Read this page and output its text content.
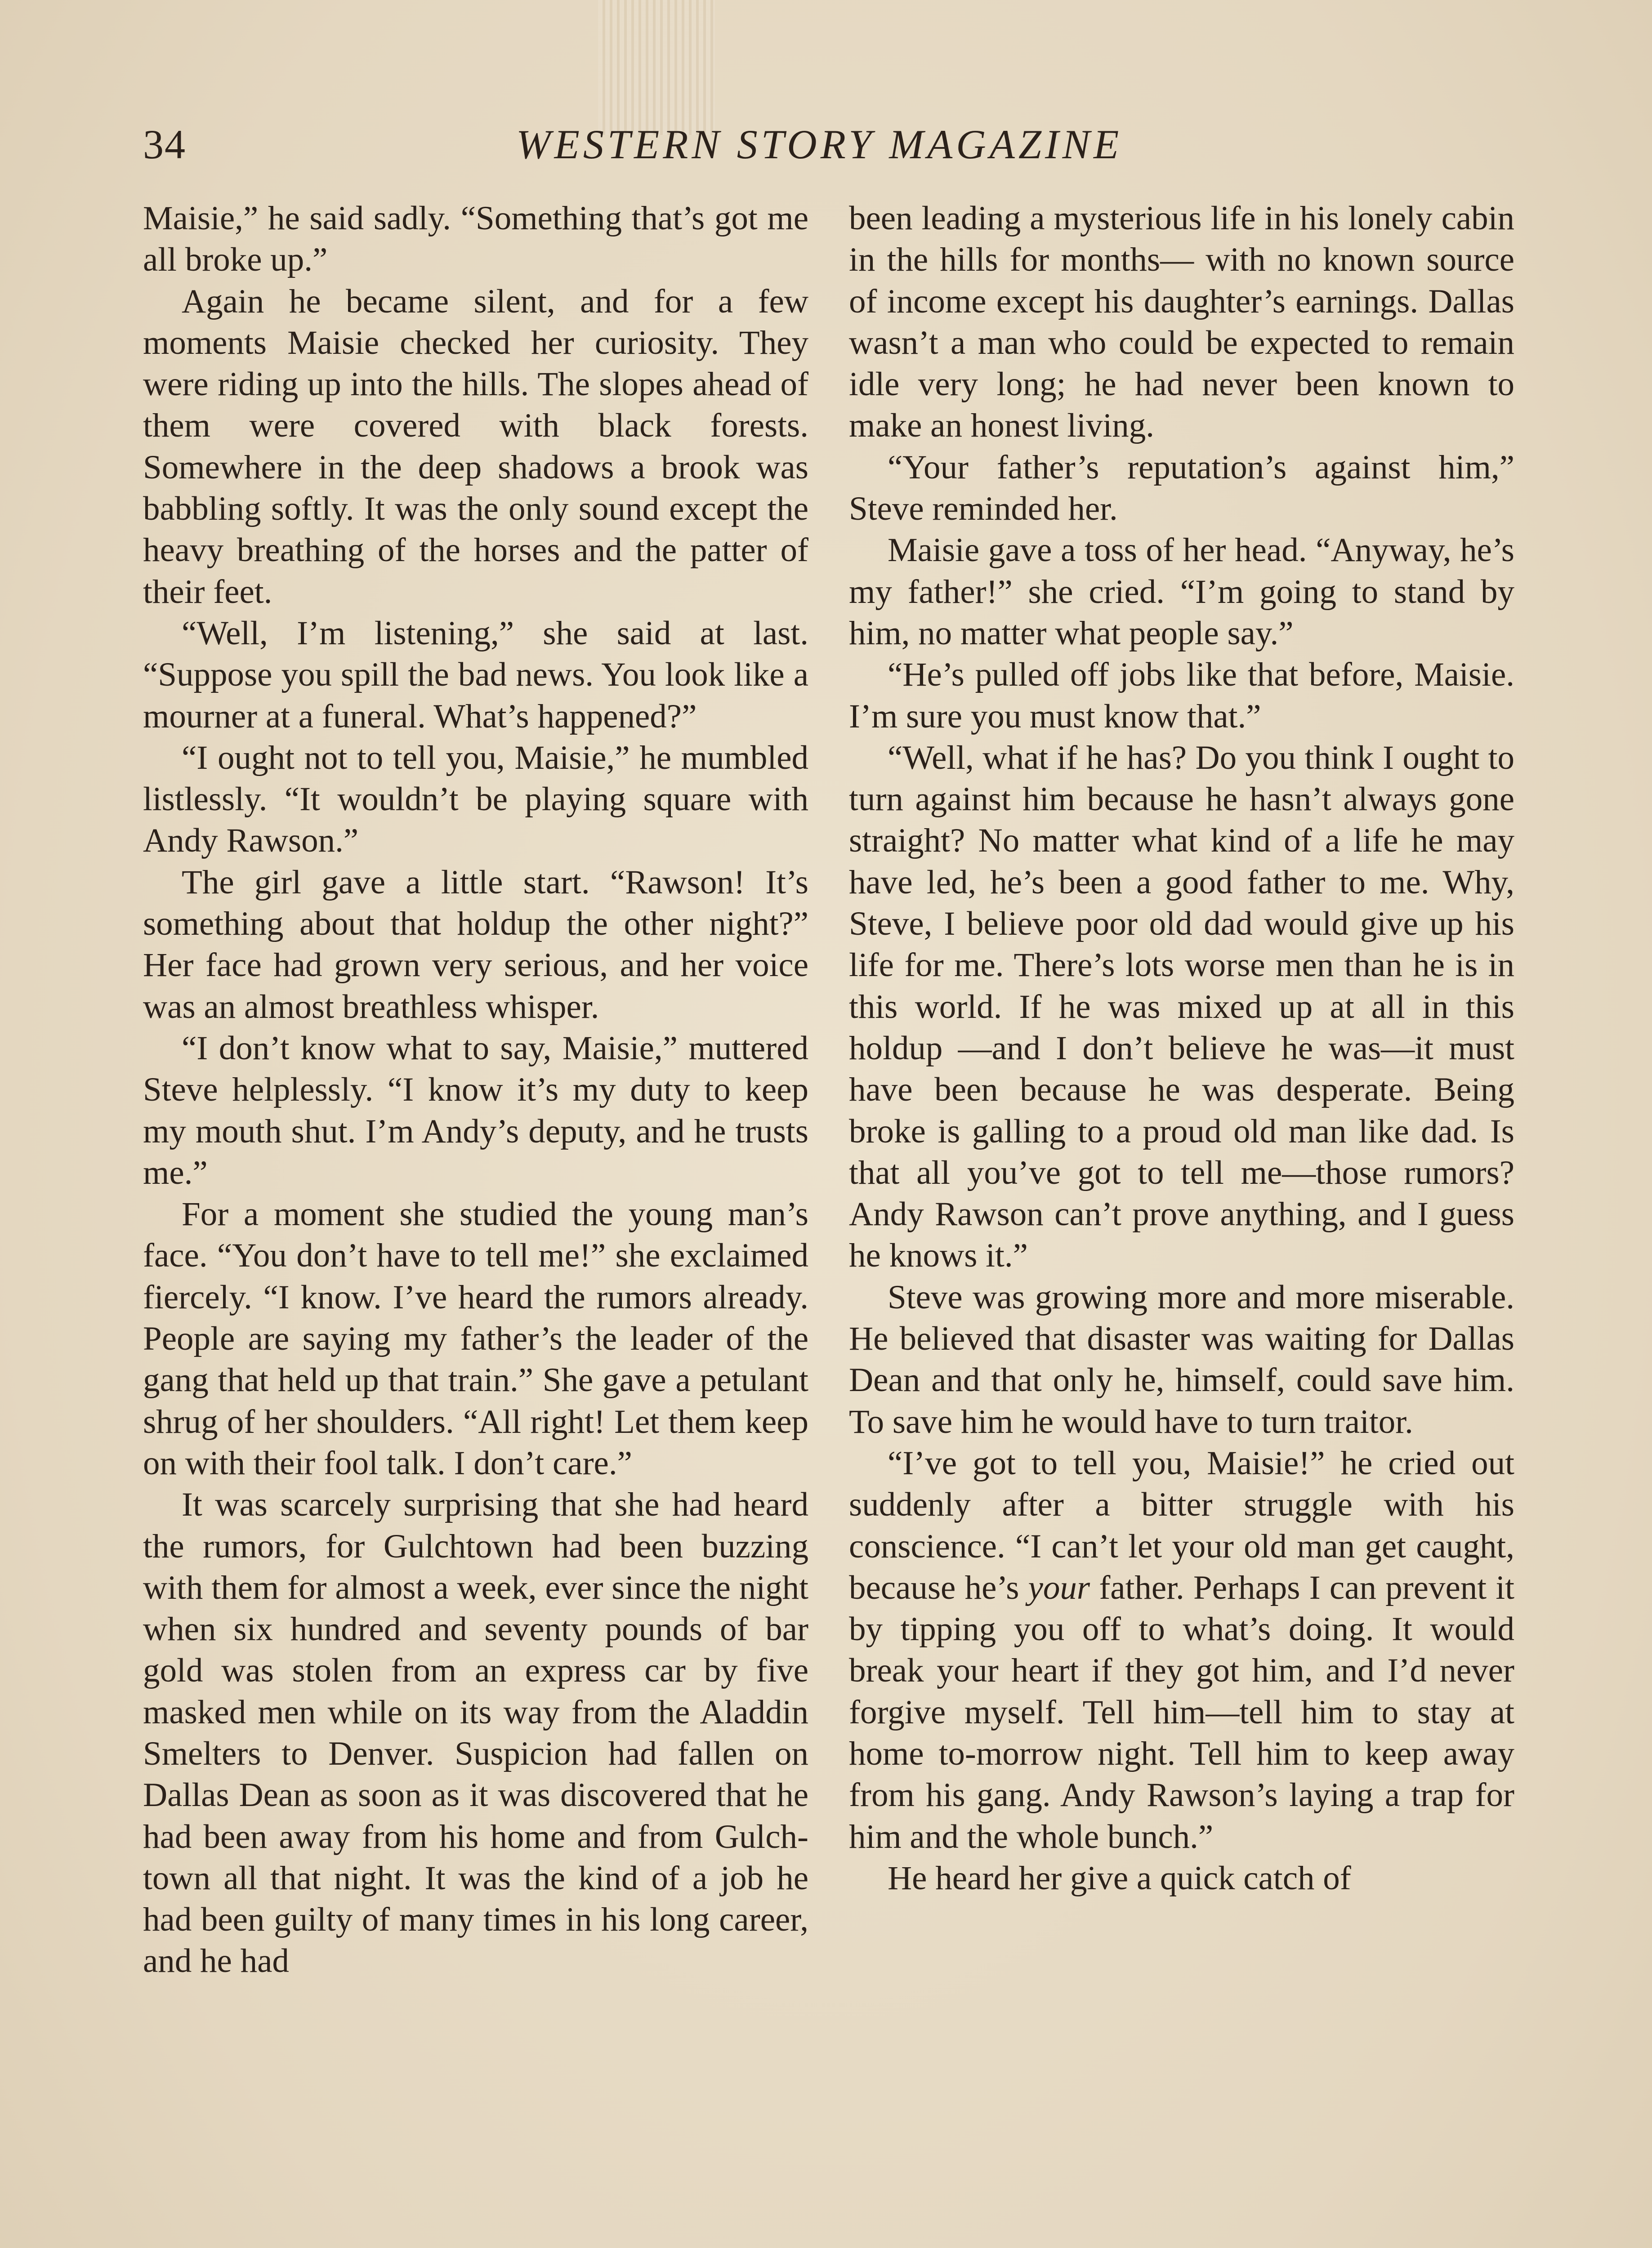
34	WESTERN STORY MAGAZINE

Maisie,” he said sadly. “Something that’s got me all broke up.”

Again he became silent, and for a few moments Maisie checked her curiosity. They were riding up into the hills. The slopes ahead of them were covered with black forests. Somewhere in the deep shadows a brook was babbling softly. It was the only sound except the heavy breathing of the horses and the patter of their feet.

“Well, I’m listening,” she said at last. “Suppose you spill the bad news. You look like a mourner at a funeral. What’s happened?”

“I ought not to tell you, Maisie,” he mumbled listlessly. “It wouldn’t be playing square with Andy Rawson.”

The girl gave a little start. “Rawson! It’s something about that holdup the other night?” Her face had grown very serious, and her voice was an almost breathless whisper.

“I don’t know what to say, Maisie,” muttered Steve helplessly. “I know it’s my duty to keep my mouth shut. I’m Andy’s deputy, and he trusts me.”

For a moment she studied the young man’s face. “You don’t have to tell me!” she exclaimed fiercely. “I know. I’ve heard the rumors already. People are saying my father’s the leader of the gang that held up that train.” She gave a petulant shrug of her shoulders. “All right! Let them keep on with their fool talk. I don’t care.”

It was scarcely surprising that she had heard the rumors, for Gulchtown had been buzzing with them for almost a week, ever since the night when six hundred and seventy pounds of bar gold was stolen from an express car by five masked men while on its way from the Aladdin Smelters to Denver. Suspicion had fallen on Dallas Dean as soon as it was discovered that he had been away from his home and from Gulchtown all that night. It was the kind of a job he had been guilty of many times in his long career, and he had

been leading a mysterious life in his lonely cabin in the hills for months— with no known source of income except his daughter’s earnings. Dallas wasn’t a man who could be expected to remain idle very long; he had never been known to make an honest living.

“Your father’s reputation’s against him,” Steve reminded her.

Maisie gave a toss of her head. “Anyway, he’s my father!” she cried. “I’m going to stand by him, no matter what people say.”

“He’s pulled off jobs like that before, Maisie. I’m sure you must know that.”

“Well, what if he has? Do you think I ought to turn against him because he hasn’t always gone straight? No matter what kind of a life he may have led, he’s been a good father to me. Why, Steve, I believe poor old dad would give up his life for me. There’s lots worse men than he is in this world. If he was mixed up at all in this holdup —and I don’t believe he was—it must have been because he was desperate. Being broke is galling to a proud old man like dad. Is that all you’ve got to tell me—those rumors? Andy Rawson can’t prove anything, and I guess he knows it.”

Steve was growing more and more miserable. He believed that disaster was waiting for Dallas Dean and that only he, himself, could save him. To save him he would have to turn traitor.

“I’ve got to tell you, Maisie!” he cried out suddenly after a bitter struggle with his conscience. “I can’t let your old man get caught, because he’s your father. Perhaps I can prevent it by tipping you off to what’s doing. It would break your heart if they got him, and I’d never forgive myself. Tell him—tell him to stay at home to-morrow night. Tell him to keep away from his gang. Andy Rawson’s laying a trap for him and the whole bunch.”

He heard her give a quick catch of
